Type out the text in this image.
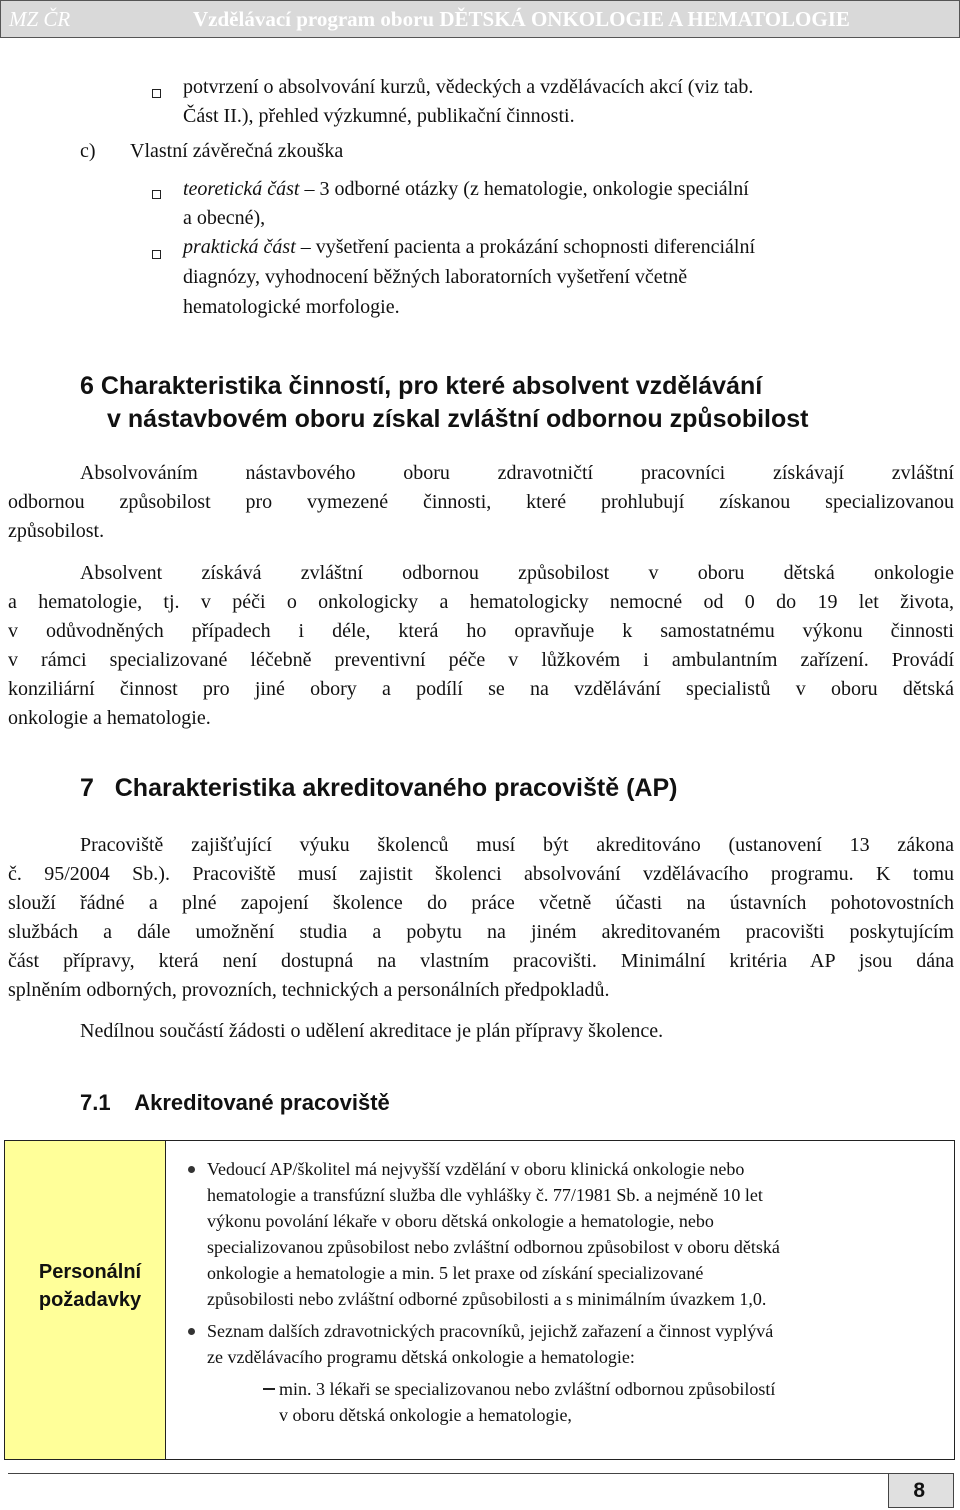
MZ ČR	Vzdělávací program oboru DĚTSKÁ ONKOLOGIE A HEMATOLOGIE
potvrzení o absolvování kurzů, vědeckých a vzdělávacích akcí (viz tab.
Část II.), přehled výzkumné, publikační činnosti.
c) Vlastní závěrečná zkouška
teoretická část – 3 odborné otázky (z hematologie, onkologie speciální
a obecné),
praktická část – vyšetření pacienta a prokázání schopnosti diferenciální
diagnózy, vyhodnocení běžných laboratorních vyšetření včetně
hematologické morfologie.
6 Charakteristika činností, pro které absolvent vzdělávání
v nástavbovém oboru získal zvláštní odbornou způsobilost
Absolvováním nástavbového oboru zdravotničtí pracovníci získávají zvláštní
odbornou způsobilost pro vymezené činnosti, které prohlubují získanou specializovanou
způsobilost.
Absolvent získává zvláštní odbornou způsobilost v oboru dětská onkologie
a hematologie, tj. v péči o onkologicky a hematologicky nemocné od 0 do 19 let života,
v odůvodněných případech i déle, která ho opravňuje k samostatnému výkonu činnosti
v rámci specializované léčebně preventivní péče v lůžkovém i ambulantním zařízení. Provádí
konziliární činnost pro jiné obory a podílí se na vzdělávání specialistů v oboru dětská
onkologie a hematologie.
7   Charakteristika akreditovaného pracoviště (AP)
Pracoviště zajišťující výuku školenců musí být akreditováno (ustanovení 13 zákona
č. 95/2004 Sb.). Pracoviště musí zajistit školenci absolvování vzdělávacího programu. K tomu
slouží řádné a plné zapojení školence do práce včetně účasti na ústavních pohotovostních
službách a dále umožnění studia a pobytu na jiném akreditovaném pracovišti poskytujícím
část přípravy, která není dostupná na vlastním pracovišti. Minimální kritéria AP jsou dána
splněním odborných, provozních, technických a personálních předpokladů.
Nedílnou součástí žádosti o udělení akreditace je plán přípravy školence.
7.1    Akreditované pracoviště
Personální
požadavky
Vedoucí AP/školitel má nejvyšší vzdělání v oboru klinická onkologie nebo
hematologie a transfúzní služba dle vyhlášky č. 77/1981 Sb. a nejméně 10 let
výkonu povolání lékaře v oboru dětská onkologie a hematologie, nebo
specializovanou způsobilost nebo zvláštní odbornou způsobilost v oboru dětská
onkologie a hematologie a min. 5 let praxe od získání specializované
způsobilosti nebo zvláštní odborné způsobilosti a s minimálním úvazkem 1,0.
Seznam dalších zdravotnických pracovníků, jejichž zařazení a činnost vyplývá
ze vzdělávacího programu dětská onkologie a hematologie:
min. 3 lékaři se specializovanou nebo zvláštní odbornou způsobilostí
v oboru dětská onkologie a hematologie,
8
